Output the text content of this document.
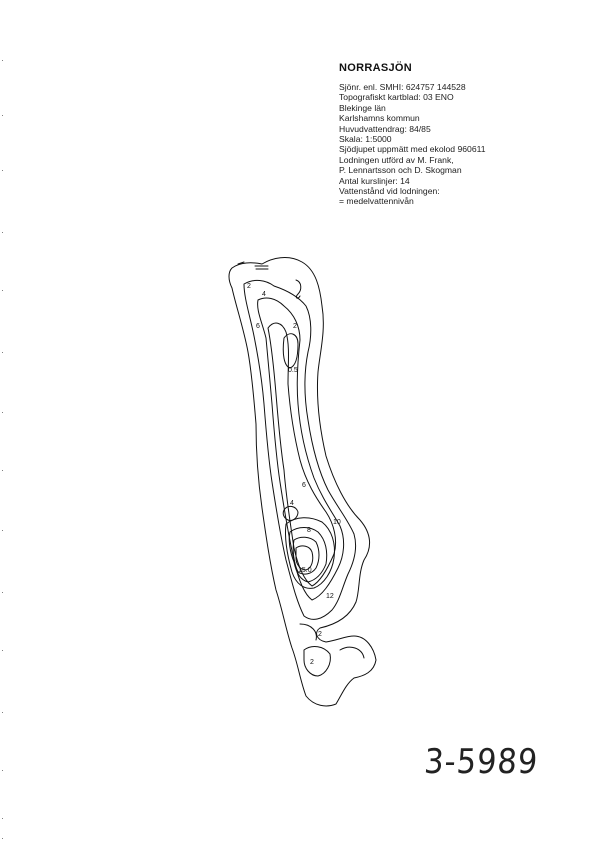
NORRASJÖN
Sjönr. enl. SMHI: 624757 144528
Topografiskt kartblad: 03 ENO
Blekinge län
Karlshamns kommun
Huvudvattendrag: 84/85
Skala: 1:5000
Sjödjupet uppmätt med ekolod 960611
Lodningen utförd av M. Frank,
P. Lennartsson och D. Skogman
Antal kurslinjer: 14
Vattenstånd vid lodningen:
= medelvattennivån
2
4
6	2
0.5
4
6
8
10
12
15.0
2
2
3-5989
